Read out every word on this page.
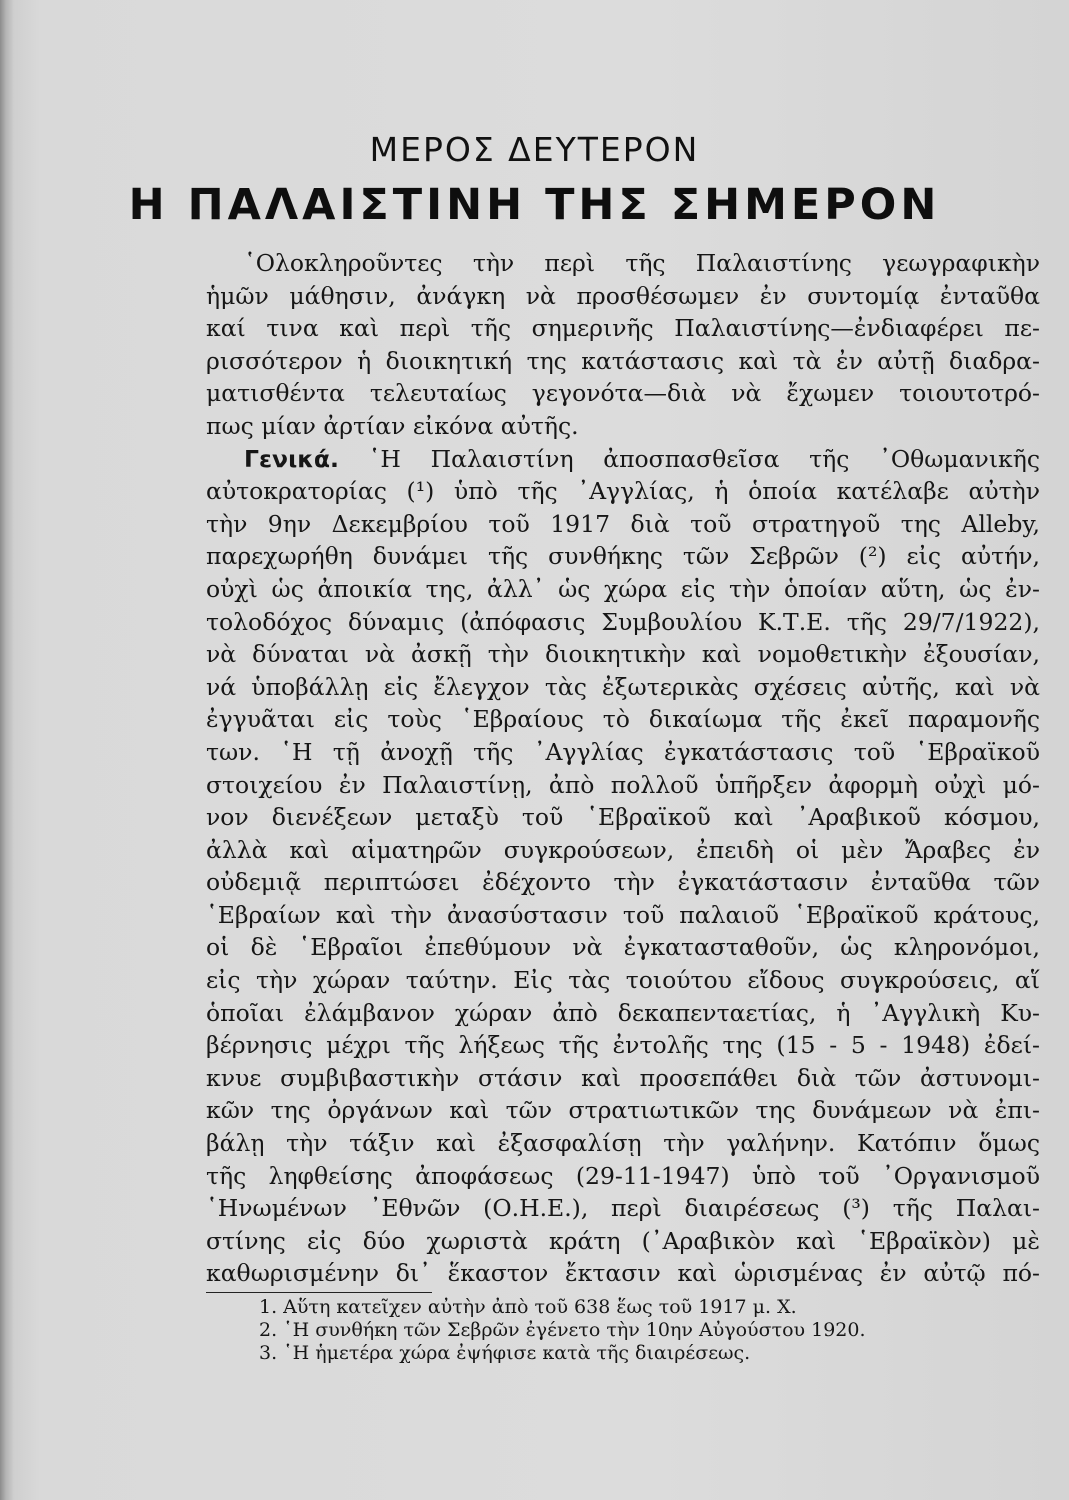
ΜΕΡΟΣ ΔΕΥΤΕΡΟΝ
Η ΠΑΛΑΙΣΤΙΝΗ ΤΗΣ ΣΗΜΕΡΟΝ
῾Ολοκληροῦντες τὴν περὶ τῆς Παλαιστίνης γεωγραφικὴν
ἡμῶν μάθησιν, ἀνάγκη νὰ προσθέσωμεν ἐν συντομίᾳ ἐνταῦθα
καί τινα καὶ περὶ τῆς σημερινῆς Παλαιστίνης—ἐνδιαφέρει πε-
ρισσότερον ἡ διοικητική της κατάστασις καὶ τὰ ἐν αὐτῇ διαδρα-
ματισθέντα τελευταίως γεγονότα—διὰ νὰ ἔχωμεν τοιουτοτρό-
πως μίαν ἀρτίαν εἰκόνα αὐτῆς.
Γενικά. ῾Η Παλαιστίνη ἀποσπασθεῖσα τῆς ᾿Οθωμανικῆς
αὐτοκρατορίας (¹) ὑπὸ τῆς ᾿Αγγλίας, ἡ ὁποία κατέλαβε αὐτὴν
τὴν 9ην Δεκεμβρίου τοῦ 1917 διὰ τοῦ στρατηγοῦ της Allеby,
παρεχωρήθη δυνάμει τῆς συνθήκης τῶν Σεβρῶν (²) εἰς αὐτήν,
οὐχὶ ὡς ἀποικία της, ἀλλ᾿ ὡς χώρα εἰς τὴν ὁποίαν αὕτη, ὡς ἐν-
τολοδόχος δύναμις (ἀπόφασις Συμβουλίου Κ.Τ.Ε. τῆς 29/7/1922),
νὰ δύναται νὰ ἀσκῇ τὴν διοικητικὴν καὶ νομοθετικὴν ἐξουσίαν,
νά ὑποβάλλῃ εἰς ἔλεγχον τὰς ἐξωτερικὰς σχέσεις αὐτῆς, καὶ νὰ
ἐγγυᾶται εἰς τοὺς ῾Εβραίους τὸ δικαίωμα τῆς ἐκεῖ παραμονῆς
των. ῾Η τῇ ἀνοχῇ τῆς ᾿Αγγλίας ἐγκατάστασις τοῦ ῾Εβραϊκοῦ
στοιχείου ἐν Παλαιστίνῃ, ἀπὸ πολλοῦ ὑπῆρξεν ἀφορμὴ οὐχὶ μό-
νον διενέξεων μεταξὺ τοῦ ῾Εβραϊκοῦ καὶ ᾿Αραβικοῦ κόσμου,
ἀλλὰ καὶ αἱματηρῶν συγκρούσεων, ἐπειδὴ οἱ μὲν Ἄραβες ἐν
οὐδεμιᾷ περιπτώσει ἐδέχοντο τὴν ἐγκατάστασιν ἐνταῦθα τῶν
῾Εβραίων καὶ τὴν ἀνασύστασιν τοῦ παλαιοῦ ῾Εβραϊκοῦ κράτους,
οἱ δὲ ῾Εβραῖοι ἐπεθύμουν νὰ ἐγκατασταθοῦν, ὡς κληρονόμοι,
εἰς τὴν χώραν ταύτην. Εἰς τὰς τοιούτου εἴδους συγκρούσεις, αἵ
ὁποῖαι ἐλάμβανον χώραν ἀπὸ δεκαπενταετίας, ἡ ᾿Αγγλικὴ Κυ-
βέρνησις μέχρι τῆς λήξεως τῆς ἐντολῆς της (15 - 5 - 1948) ἐδεί-
κνυε συμβιβαστικὴν στάσιν καὶ προσεπάθει διὰ τῶν ἀστυνομι-
κῶν της ὀργάνων καὶ τῶν στρατιωτικῶν της δυνάμεων νὰ ἐπι-
βάλῃ τὴν τάξιν καὶ ἐξασφαλίσῃ τὴν γαλήνην. Κατόπιν ὅμως
τῆς ληφθείσης ἀποφάσεως (29-11-1947) ὑπὸ τοῦ ᾿Οργανισμοῦ
῾Ηνωμένων ᾿Εθνῶν (Ο.Η.Ε.), περὶ διαιρέσεως (³) τῆς Παλαι-
στίνης εἰς δύο χωριστὰ κράτη (᾿Αραβικὸν καὶ ῾Εβραϊκὸν) μὲ
καθωρισμένην δι᾿ ἕκαστον ἔκτασιν καὶ ὡρισμένας ἐν αὐτῷ πό-
1. Αὕτη κατεῖχεν αὐτὴν ἀπὸ τοῦ 638 ἕως τοῦ 1917 μ. Χ.
2. ῾Η συνθήκη τῶν Σεβρῶν ἐγένετο τὴν 10ην Αὐγούστου 1920.
3. ῾Η ἡμετέρα χώρα ἐψήφισε κατὰ τῆς διαιρέσεως.
